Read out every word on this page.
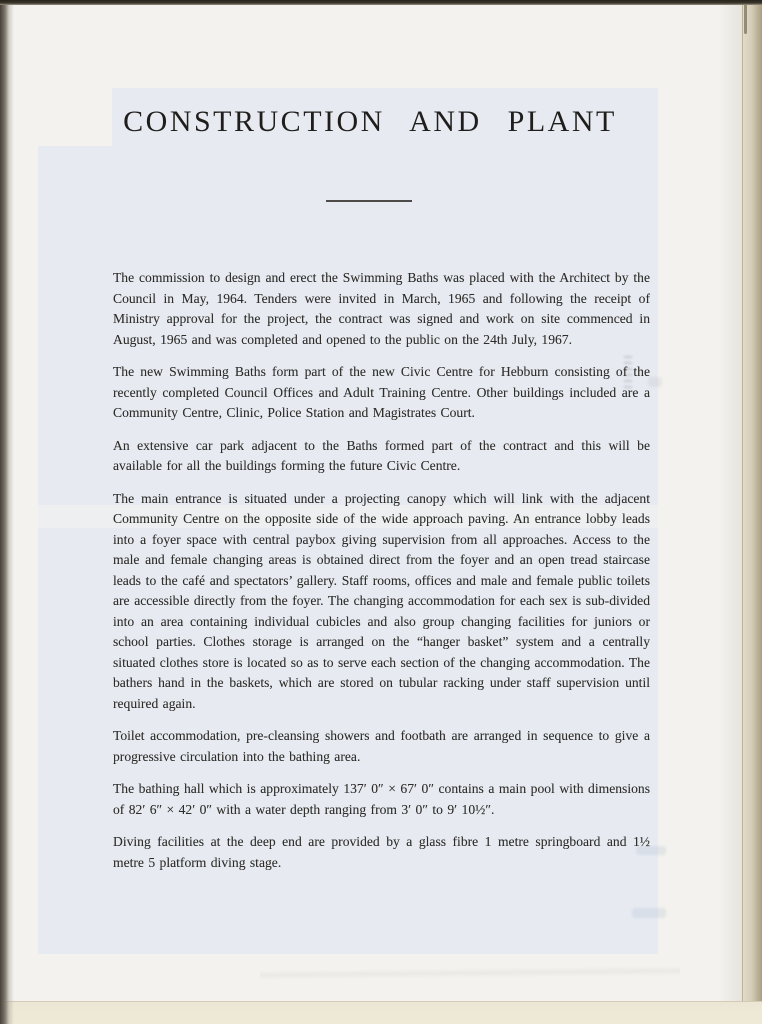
CONSTRUCTION AND PLANT

The commission to design and erect the Swimming Baths was placed with the Architect by the Council in May, 1964. Tenders were invited in March, 1965 and following the receipt of Ministry approval for the project, the contract was signed and work on site commenced in August, 1965 and was completed and opened to the public on the 24th July, 1967.

The new Swimming Baths form part of the new Civic Centre for Hebburn consisting of the recently completed Council Offices and Adult Training Centre. Other buildings included are a Community Centre, Clinic, Police Station and Magistrates Court.

An extensive car park adjacent to the Baths formed part of the contract and this will be available for all the buildings forming the future Civic Centre.

The main entrance is situated under a projecting canopy which will link with the adjacent Community Centre on the opposite side of the wide approach paving. An entrance lobby leads into a foyer space with central paybox giving supervision from all approaches. Access to the male and female changing areas is obtained direct from the foyer and an open tread staircase leads to the café and spectators’ gallery. Staff rooms, offices and male and female public toilets are accessible directly from the foyer. The changing accommodation for each sex is sub-divided into an area containing individual cubicles and also group changing facilities for juniors or school parties. Clothes storage is arranged on the “hanger basket” system and a centrally situated clothes store is located so as to serve each section of the changing accommodation. The bathers hand in the baskets, which are stored on tubular racking under staff supervision until required again.

Toilet accommodation, pre-cleansing showers and footbath are arranged in sequence to give a progressive circulation into the bathing area.

The bathing hall which is approximately 137′ 0″ × 67′ 0″ contains a main pool with dimensions of 82′ 6″ × 42′ 0″ with a water depth ranging from 3′ 0″ to 9′ 10½″.

Diving facilities at the deep end are provided by a glass fibre 1 metre springboard and 1½ metre 5 platform diving stage.
